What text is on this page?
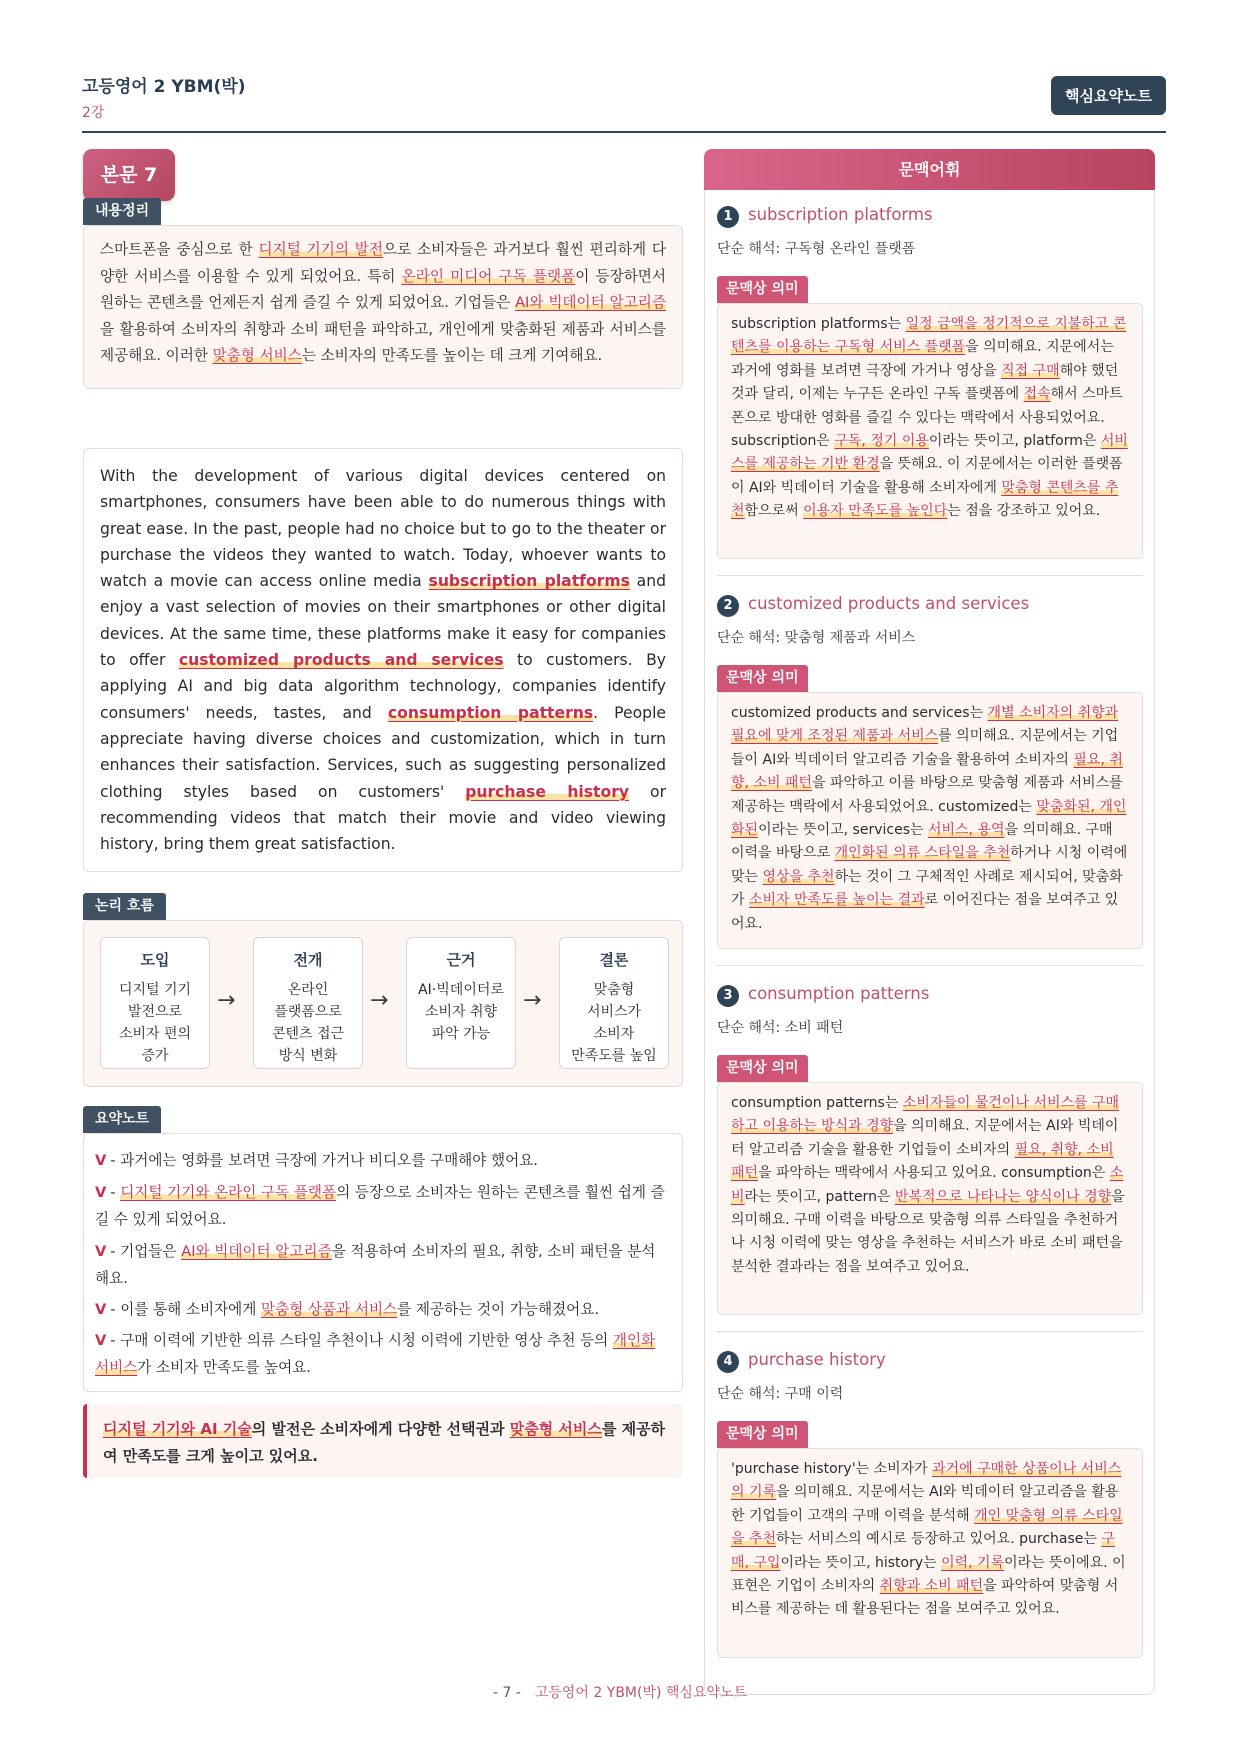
고등영어 2 YBM(박)
2강
핵심요약노트
본문 7
내용정리

스마트폰을 중심으로 한 디지털 기기의 발전으로 소비자들은 과거보다 훨씬 편리하게 다양한 서비스를 이용할 수 있게 되었어요. 특히 온라인 미디어 구독 플랫폼이 등장하면서 원하는 콘텐츠를 언제든지 쉽게 즐길 수 있게 되었어요. 기업들은 AI와 빅데이터 알고리즘을 활용하여 소비자의 취향과 소비 패턴을 파악하고, 개인에게 맞춤화된 제품과 서비스를 제공해요. 이러한 맞춤형 서비스는 소비자의 만족도를 높이는 데 크게 기여해요.

With the development of various digital devices centered on smartphones, consumers have been able to do numerous things with great ease. In the past, people had no choice but to go to the theater or purchase the videos they wanted to watch. Today, whoever wants to watch a movie can access online media subscription platforms and enjoy a vast selection of movies on their smartphones or other digital devices. At the same time, these platforms make it easy for companies to offer customized products and services to customers. By applying AI and big data algorithm technology, companies identify consumers' needs, tastes, and consumption patterns. People appreciate having diverse choices and customization, which in turn enhances their satisfaction. Services, such as suggesting personalized clothing styles based on customers' purchase history or recommending videos that match their movie and video viewing history, bring them great satisfaction.

논리 흐름
도입
디지털 기기
발전으로
소비자 편의
증가
→
전개
온라인
플랫폼으로
콘텐츠 접근
방식 변화
→
근거
AI·빅데이터로
소비자 취향
파악 가능
→
결론
맞춤형
서비스가
소비자
만족도를 높임
요약노트
V - 과거에는 영화를 보려면 극장에 가거나 비디오를 구매해야 했어요.
V - 디지털 기기와 온라인 구독 플랫폼의 등장으로 소비자는 원하는 콘텐츠를 훨씬 쉽게 즐길 수 있게 되었어요.
V - 기업들은 AI와 빅데이터 알고리즘을 적용하여 소비자의 필요, 취향, 소비 패턴을 분석해요.
V - 이를 통해 소비자에게 맞춤형 상품과 서비스를 제공하는 것이 가능해졌어요.
V - 구매 이력에 기반한 의류 스타일 추천이나 시청 이력에 기반한 영상 추천 등의 개인화 서비스가 소비자 만족도를 높여요.
디지털 기기와 AI 기술의 발전은 소비자에게 다양한 선택권과 맞춤형 서비스를 제공하여 만족도를 크게 높이고 있어요.
문맥어휘
1 subscription platforms
단순 해석: 구독형 온라인 플랫폼
문맥상 의미
subscription platforms는 일정 금액을 정기적으로 지불하고 콘텐츠를 이용하는 구독형 서비스 플랫폼을 의미해요. 지문에서는 과거에 영화를 보려면 극장에 가거나 영상을 직접 구매해야 했던 것과 달리, 이제는 누구든 온라인 구독 플랫폼에 접속해서 스마트폰으로 방대한 영화를 즐길 수 있다는 맥락에서 사용되었어요. subscription은 구독, 정기 이용이라는 뜻이고, platform은 서비스를 제공하는 기반 환경을 뜻해요. 이 지문에서는 이러한 플랫폼이 AI와 빅데이터 기술을 활용해 소비자에게 맞춤형 콘텐츠를 추천함으로써 이용자 만족도를 높인다는 점을 강조하고 있어요.
2 customized products and services
단순 해석: 맞춤형 제품과 서비스
문맥상 의미
customized products and services는 개별 소비자의 취향과 필요에 맞게 조정된 제품과 서비스를 의미해요. 지문에서는 기업들이 AI와 빅데이터 알고리즘 기술을 활용하여 소비자의 필요, 취향, 소비 패턴을 파악하고 이를 바탕으로 맞춤형 제품과 서비스를 제공하는 맥락에서 사용되었어요. customized는 맞춤화된, 개인화된이라는 뜻이고, services는 서비스, 용역을 의미해요. 구매 이력을 바탕으로 개인화된 의류 스타일을 추천하거나 시청 이력에 맞는 영상을 추천하는 것이 그 구체적인 사례로 제시되어, 맞춤화가 소비자 만족도를 높이는 결과로 이어진다는 점을 보여주고 있어요.
3 consumption patterns
단순 해석: 소비 패턴
문맥상 의미
consumption patterns는 소비자들이 물건이나 서비스를 구매하고 이용하는 방식과 경향을 의미해요. 지문에서는 AI와 빅데이터 알고리즘 기술을 활용한 기업들이 소비자의 필요, 취향, 소비 패턴을 파악하는 맥락에서 사용되고 있어요. consumption은 소비라는 뜻이고, pattern은 반복적으로 나타나는 양식이나 경향을 의미해요. 구매 이력을 바탕으로 맞춤형 의류 스타일을 추천하거나 시청 이력에 맞는 영상을 추천하는 서비스가 바로 소비 패턴을 분석한 결과라는 점을 보여주고 있어요.
4 purchase history
단순 해석: 구매 이력
문맥상 의미
'purchase history'는 소비자가 과거에 구매한 상품이나 서비스의 기록을 의미해요. 지문에서는 AI와 빅데이터 알고리즘을 활용한 기업들이 고객의 구매 이력을 분석해 개인 맞춤형 의류 스타일을 추천하는 서비스의 예시로 등장하고 있어요. purchase는 구매, 구입이라는 뜻이고, history는 이력, 기록이라는 뜻이에요. 이 표현은 기업이 소비자의 취향과 소비 패턴을 파악하여 맞춤형 서비스를 제공하는 데 활용된다는 점을 보여주고 있어요.
- 7 - 고등영어 2 YBM(박) 핵심요약노트
